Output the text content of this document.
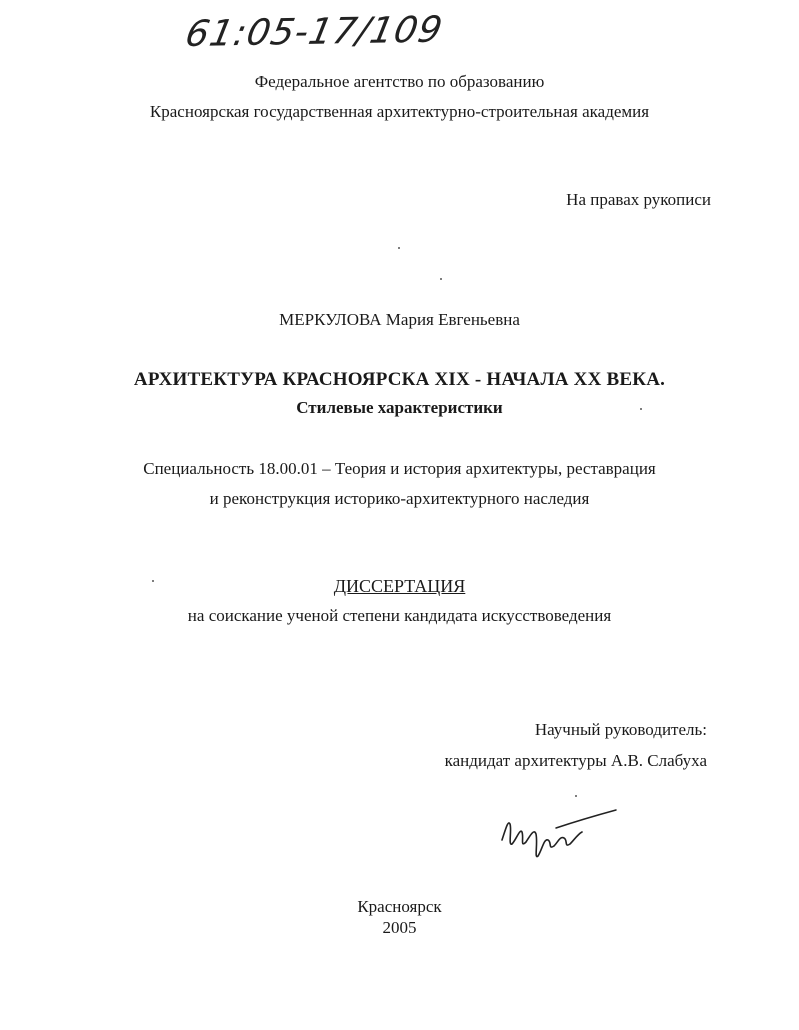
61:05-17/109
Федеральное агентство по образованию
Красноярская государственная архитектурно-строительная академия
На правах рукописи
МЕРКУЛОВА Мария Евгеньевна
АРХИТЕКТУРА КРАСНОЯРСКА XIX - НАЧАЛА XX ВЕКА.
Стилевые характеристики
Специальность 18.00.01 – Теория и история архитектуры, реставрация
и реконструкция историко-архитектурного наследия
ДИССЕРТАЦИЯ
на соискание ученой степени кандидата искусствоведения
Научный руководитель:
кандидат архитектуры А.В. Слабуха
Красноярск
2005
